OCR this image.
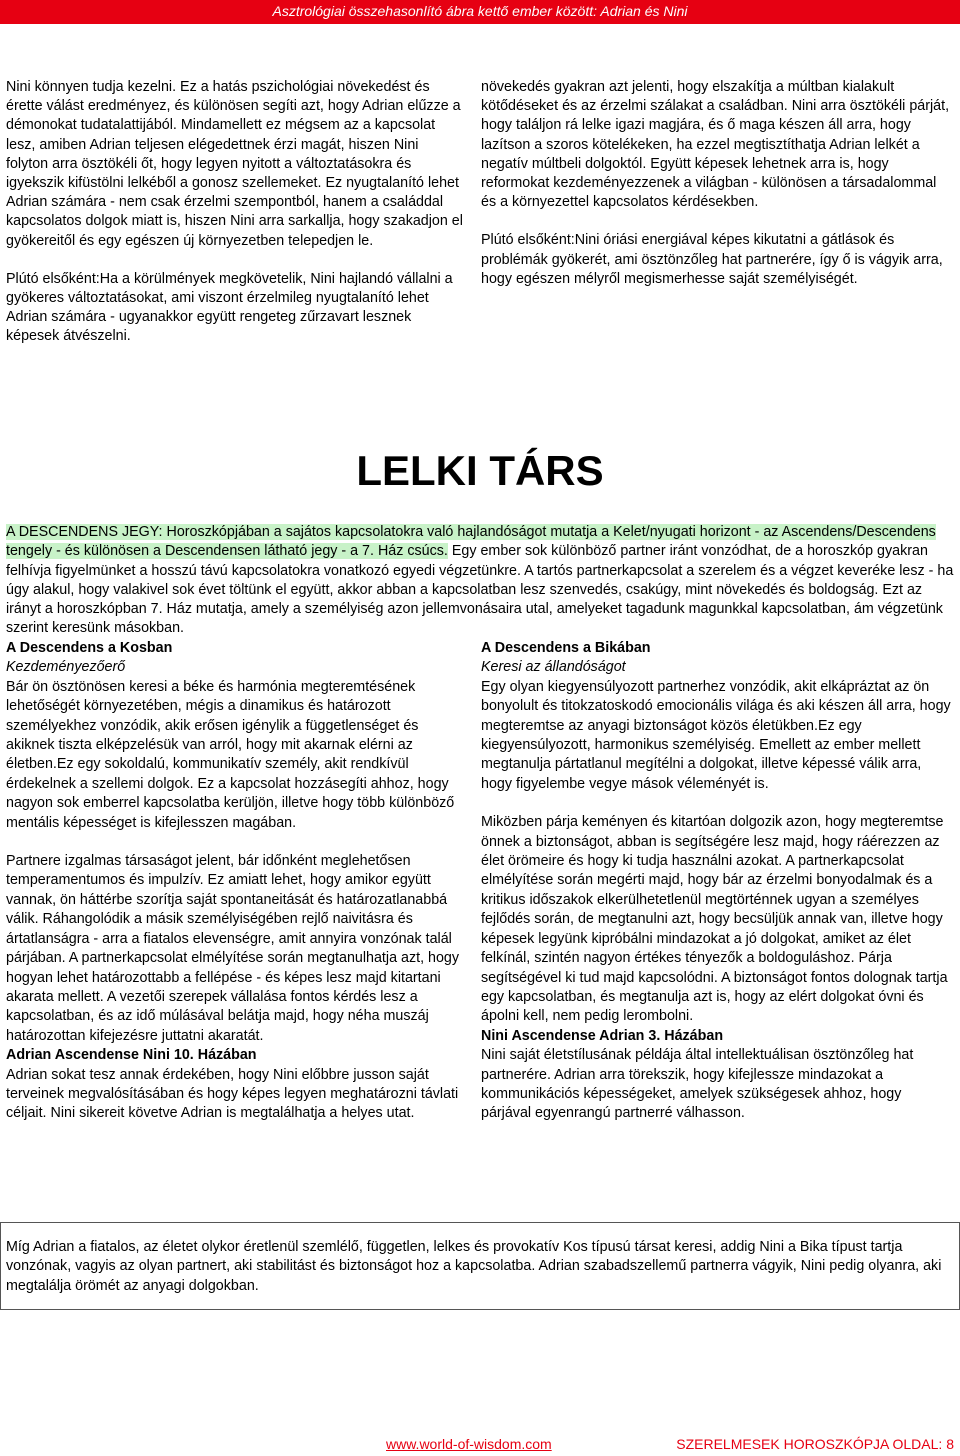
Asztrológiai összehasonlító ábra kettő ember között: Adrian és Nini

Nini könnyen tudja kezelni. Ez a hatás pszichológiai növekedést és érette válást eredményez, és különösen segíti azt, hogy Adrian elűzze a démonokat tudatalattijából. Mindamellett ez mégsem az a kapcsolat lesz, amiben Adrian teljesen elégedettnek érzi magát, hiszen Nini folyton arra ösztökéli őt, hogy legyen nyitott a változtatásokra és igyekszik kifüstölni lelkéből a gonosz szellemeket. Ez nyugtalanító lehet Adrian számára - nem csak érzelmi szempontból, hanem a családdal kapcsolatos dolgok miatt is, hiszen Nini arra sarkallja, hogy szakadjon el gyökereitől és egy egészen új környezetben telepedjen le.

Plútó elsőként:Ha a körülmények megkövetelik, Nini hajlandó vállalni a gyökeres változtatásokat, ami viszont érzelmileg nyugtalanító lehet Adrian számára - ugyanakkor együtt rengeteg zűrzavart lesznek képesek átvészelni.

növekedés gyakran azt jelenti, hogy elszakítja a múltban kialakult kötődéseket és az érzelmi szálakat a családban. Nini arra ösztökéli párját, hogy találjon rá lelke igazi magjára, és ő maga készen áll arra, hogy lazítson a szoros kötelékeken, ha ezzel megtisztíthatja Adrian lelkét a negatív múltbeli dolgoktól. Együtt képesek lehetnek arra is, hogy reformokat kezdeményezzenek a világban - különösen a társadalommal és a környezettel kapcsolatos kérdésekben.

Plútó elsőként:Nini óriási energiával képes kikutatni a gátlások és problémák gyökerét, ami ösztönzőleg hat partnerére, így ő is vágyik arra, hogy egészen mélyről megismerhesse saját személyiségét.

LELKI TÁRS
A DESCENDENS JEGY: Horoszkópjában a sajátos kapcsolatokra való hajlandóságot mutatja a Kelet/nyugati horizont - az Ascendens/Descendens tengely - és különösen a Descendensen látható jegy - a 7. Ház csúcs. Egy ember sok különböző partner iránt vonzódhat, de a horoszkóp gyakran felhívja figyelmünket a hosszú távú kapcsolatokra vonatkozó egyedi végzetünkre. A tartós partnerkapcsolat a szerelem és a végzet keveréke lesz - ha úgy alakul, hogy valakivel sok évet töltünk el együtt, akkor abban a kapcsolatban lesz szenvedés, csakúgy, mint növekedés és boldogság. Ezt az irányt a horoszkópban 7. Ház mutatja, amely a személyiség azon jellemvonásaira utal, amelyeket tagadunk magunkkal kapcsolatban, ám végzetünk szerint keresünk másokban.

A Descendens a Kosban

Kezdeményezőerő

Bár ön ösztönösen keresi a béke és harmónia megteremtésének lehetőségét környezetében, mégis a dinamikus és határozott személyekhez vonzódik, akik erősen igénylik a függetlenséget és akiknek tiszta elképzelésük van arról, hogy mit akarnak elérni az életben.Ez egy sokoldalú, kommunikatív személy, akit rendkívül érdekelnek a szellemi dolgok. Ez a kapcsolat hozzásegíti ahhoz, hogy nagyon sok emberrel kapcsolatba kerüljön, illetve hogy több különböző mentális képességet is kifejlesszen magában.

Partnere izgalmas társaságot jelent, bár időnként meglehetősen temperamentumos és impulzív. Ez amiatt lehet, hogy amikor együtt vannak, ön háttérbe szorítja saját spontaneitását és határozatlanabbá válik. Ráhangolódik a másik személyiségében rejlő naivitásra és ártatlanságra - arra a fiatalos elevenségre, amit annyira vonzónak talál párjában. A partnerkapcsolat elmélyítése során megtanulhatja azt, hogy hogyan lehet határozottabb a fellépése - és képes lesz majd kitartani akarata mellett. A vezetői szerepek vállalása fontos kérdés lesz a kapcsolatban, és az idő múlásával belátja majd, hogy néha muszáj határozottan kifejezésre juttatni akaratát.

Adrian Ascendense Nini 10. Házában

Adrian sokat tesz annak érdekében, hogy Nini előbbre jusson saját terveinek megvalósításában és hogy képes legyen meghatározni távlati céljait. Nini sikereit követve Adrian is megtalálhatja a helyes utat.

A Descendens a Bikában

Keresi az állandóságot

Egy olyan kiegyensúlyozott partnerhez vonzódik, akit elkápráztat az ön bonyolult és titokzatoskodó emocionális világa és aki készen áll arra, hogy megteremtse az anyagi biztonságot közös életükben.Ez egy kiegyensúlyozott, harmonikus személyiség. Emellett az ember mellett megtanulja pártatlanul megítélni a dolgokat, illetve képessé válik arra, hogy figyelembe vegye mások véleményét is.

Miközben párja keményen és kitartóan dolgozik azon, hogy megteremtse önnek a biztonságot, abban is segítségére lesz majd, hogy ráérezzen az élet örömeire és hogy ki tudja használni azokat. A partnerkapcsolat elmélyítése során megérti majd, hogy bár az érzelmi bonyodalmak és a kritikus időszakok elkerülhetetlenül megtörténnek ugyan a személyes fejlődés során, de megtanulni azt, hogy becsüljük annak van, illetve hogy képesek legyünk kipróbálni mindazokat a jó dolgokat, amiket az élet felkínál, szintén nagyon értékes tényezők a boldoguláshoz. Párja segítségével ki tud majd kapcsolódni. A biztonságot fontos dolognak tartja egy kapcsolatban, és megtanulja azt is, hogy az elért dolgokat óvni és ápolni kell, nem pedig lerombolni.

Nini Ascendense Adrian 3. Házában

Nini saját életstílusának példája által intellektuálisan ösztönzőleg hat partnerére. Adrian arra törekszik, hogy kifejlesszе mindazokat a kommunikációs képességeket, amelyek szükségesek ahhoz, hogy párjával egyenrangú partnerré válhasson.

Míg Adrian a fiatalos, az életet olykor éretlenül szemlélő, független, lelkes és provokatív Kos típusú társat keresi, addig Nini a Bika típust tartja vonzónak, vagyis az olyan partnert, aki stabilitást és biztonságot hoz a kapcsolatba. Adrian szabadszellemű partnerra vágyik, Nini pedig olyanra, aki megtalálja örömét az anyagi dolgokban.
www.world-of-wisdom.com	SZERELMESEK HOROSZKÓPJA OLDAL: 8
